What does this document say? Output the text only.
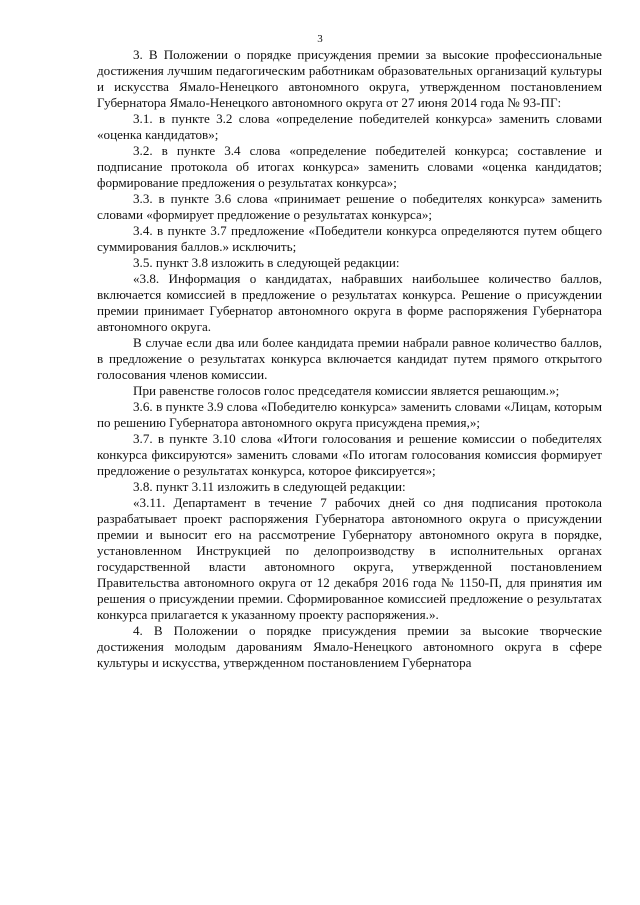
3

3. В Положении о порядке присуждения премии за высокие профессиональные достижения лучшим педагогическим работникам образовательных организаций культуры и искусства Ямало-Ненецкого автономного округа, утвержденном постановлением Губернатора Ямало-Ненецкого автономного округа от 27 июня 2014 года № 93-ПГ:

3.1. в пункте 3.2 слова «определение победителей конкурса» заменить словами «оценка кандидатов»;

3.2. в пункте 3.4 слова «определение победителей конкурса; составление и подписание протокола об итогах конкурса» заменить словами «оценка кандидатов; формирование предложения о результатах конкурса»;

3.3. в пункте 3.6 слова «принимает решение о победителях конкурса» заменить словами «формирует предложение о результатах конкурса»;

3.4. в пункте 3.7 предложение «Победители конкурса определяются путем общего суммирования баллов.» исключить;

3.5. пункт 3.8 изложить в следующей редакции:

«3.8. Информация о кандидатах, набравших наибольшее количество баллов, включается комиссией в предложение о результатах конкурса. Решение о присуждении премии принимает Губернатор автономного округа в форме распоряжения Губернатора автономного округа.

В случае если два или более кандидата премии набрали равное количество баллов, в предложение о результатах конкурса включается кандидат путем прямого открытого голосования членов комиссии.

При равенстве голосов голос председателя комиссии является решающим.»;

3.6. в пункте 3.9 слова «Победителю конкурса» заменить словами «Лицам, которым по решению Губернатора автономного округа присуждена премия,»;

3.7. в пункте 3.10 слова «Итоги голосования и решение комиссии о победителях конкурса фиксируются» заменить словами «По итогам голосования комиссия формирует предложение о результатах конкурса, которое фиксируется»;

3.8. пункт 3.11 изложить в следующей редакции:

«3.11. Департамент в течение 7 рабочих дней со дня подписания протокола разрабатывает проект распоряжения Губернатора автономного округа о присуждении премии и выносит его на рассмотрение Губернатору автономного округа в порядке, установленном Инструкцией по делопроизводству в исполнительных органах государственной власти автономного округа, утвержденной постановлением Правительства автономного округа от 12 декабря 2016 года № 1150-П, для принятия им решения о присуждении премии. Сформированное комиссией предложение о результатах конкурса прилагается к указанному проекту распоряжения.».

4. В Положении о порядке присуждения премии за высокие творческие достижения молодым дарованиям Ямало-Ненецкого автономного округа в сфере культуры и искусства, утвержденном постановлением Губернатора
